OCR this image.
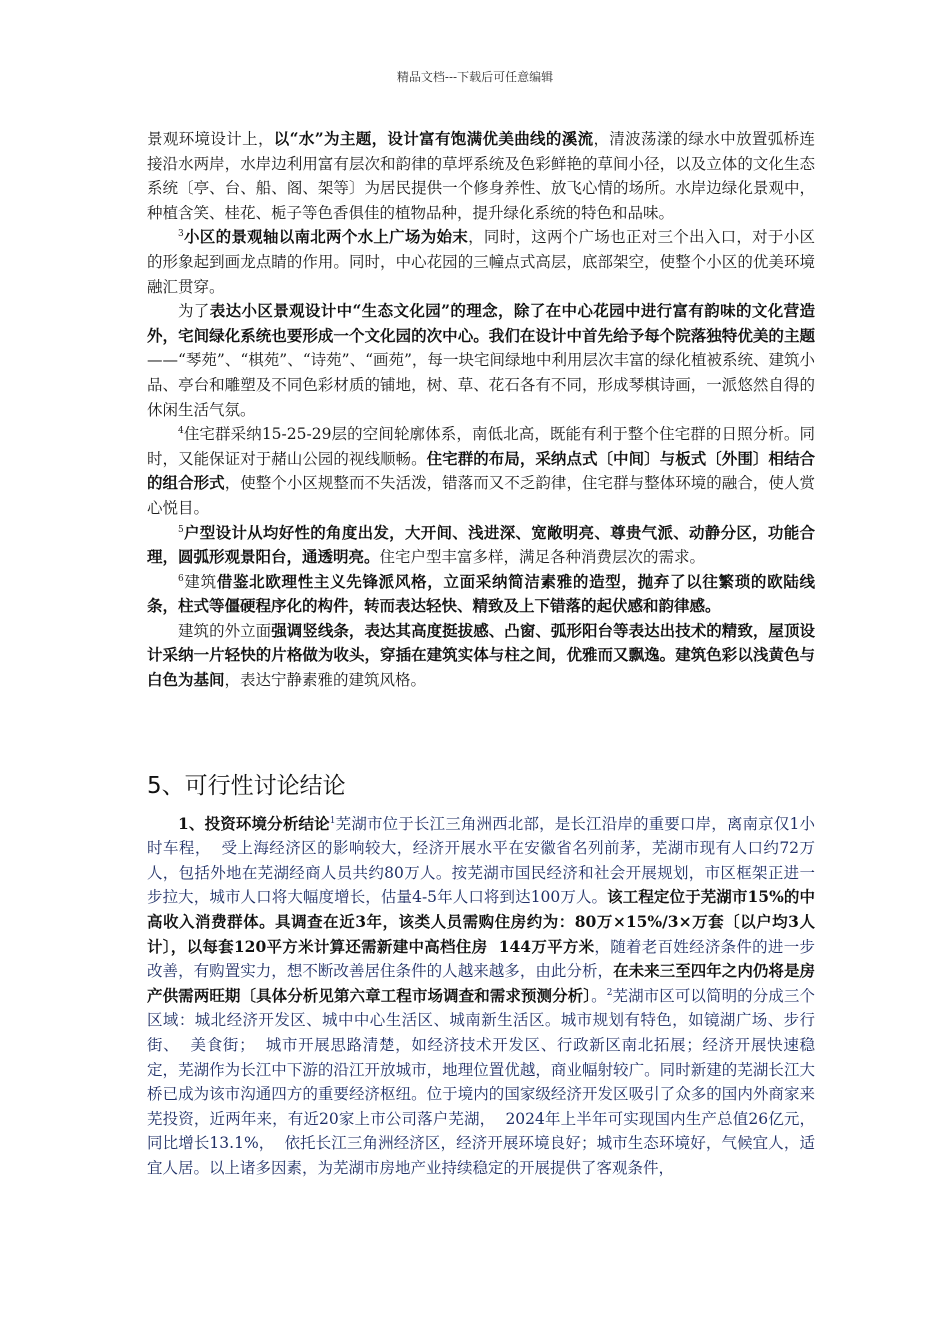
精品文档---下载后可任意编辑

景观环境设计上，以“水”为主题，设计富有饱满优美曲线的溪流，清波荡漾的绿水中放置弧桥连接沿水两岸，水岸边利用富有层次和韵律的草坪系统及色彩鲜艳的草间小径，以及立体的文化生态系统〔亭、台、船、阁、架等〕为居民提供一个修身养性、放飞心情的场所。水岸边绿化景观中，种植含笑、桂花、栀子等色香俱佳的植物品种，提升绿化系统的特色和品味。

$^3$小区的景观轴以南北两个水上广场为始末，同时，这两个广场也正对三个出入口，对于小区的形象起到画龙点睛的作用。同时，中心花园的三幢点式高层，底部架空，使整个小区的优美环境融汇贯穿。

为了表达小区景观设计中“生态文化园”的理念，除了在中心花园中进行富有韵味的文化营造外，宅间绿化系统也要形成一个文化园的次中心。我们在设计中首先给予每个院落独特优美的主题——“琴苑”、“棋苑”、“诗苑”、“画苑”，每一块宅间绿地中利用层次丰富的绿化植被系统、建筑小品、亭台和雕塑及不同色彩材质的铺地，树、草、花石各有不同，形成琴棋诗画，一派悠然自得的休闲生活气氛。

$^4$住宅群采纳15-25-29层的空间轮廓体系，南低北高，既能有利于整个住宅群的日照分析。同时，又能保证对于赭山公园的视线顺畅。住宅群的布局，采纳点式〔中间〕与板式〔外围〕相结合的组合形式，使整个小区规整而不失活泼，错落而又不乏韵律，住宅群与整体环境的融合，使人赏心悦目。

$^5$户型设计从均好性的角度出发，大开间、浅进深、宽敞明亮、尊贵气派、动静分区，功能合理，圆弧形观景阳台，通透明亮。住宅户型丰富多样，满足各种消费层次的需求。

$^6$建筑借鉴北欧理性主义先锋派风格，立面采纳简洁素雅的造型，抛弃了以往繁琐的欧陆线条，柱式等僵硬程序化的构件，转而表达轻快、精致及上下错落的起伏感和韵律感。

建筑的外立面强调竖线条，表达其高度挺拔感、凸窗、弧形阳台等表达出技术的精致，屋顶设计采纳一片轻快的片格做为收头，穿插在建筑实体与柱之间，优雅而又飘逸。建筑色彩以浅黄色与白色为基间，表达宁静素雅的建筑风格。

5、可行性讨论结论

1、投资环境分析结论$^1$芜湖市位于长江三角洲西北部，是长江沿岸的重要口岸，离南京仅1小时车程，  受上海经济区的影响较大，经济开展水平在安徽省名列前茅，芜湖市现有人口约72万人，包括外地在芜湖经商人员共约80万人。按芜湖市国民经济和社会开展规划，市区框架正进一步拉大，城市人口将大幅度增长，估量4-5年人口将到达100万人。该工程定位于芜湖市15%的中高收入消费群体。具调查在近3年，该类人员需购住房约为：80万×15%/3×万套〔以户均3人计〕，以每套120平方米计算还需新建中高档住房  144万平方米，随着老百姓经济条件的进一步改善，有购置实力，想不断改善居住条件的人越来越多，由此分析，在未来三至四年之内仍将是房产供需两旺期〔具体分析见第六章工程市场调查和需求预测分析〕。$^2$芜湖市区可以简明的分成三个区域：城北经济开发区、城中中心生活区、城南新生活区。城市规划有特色，如镜湖广场、步行街、  美食街；  城市开展思路清楚，如经济技术开发区、行政新区南北拓展；经济开展快速稳定，芜湖作为长江中下游的沿江开放城市，地理位置优越，商业幅射较广。同时新建的芜湖长江大桥已成为该市沟通四方的重要经济枢纽。位于境内的国家级经济开发区吸引了众多的国内外商家来芜投资，近两年来，有近20家上市公司落户芜湖，  2024年上半年可实现国内生产总值26亿元，同比增长13.1%，  依托长江三角洲经济区，经济开展环境良好；城市生态环境好，气候宜人，适宜人居。以上诸多因素，为芜湖市房地产业持续稳定的开展提供了客观条件，
